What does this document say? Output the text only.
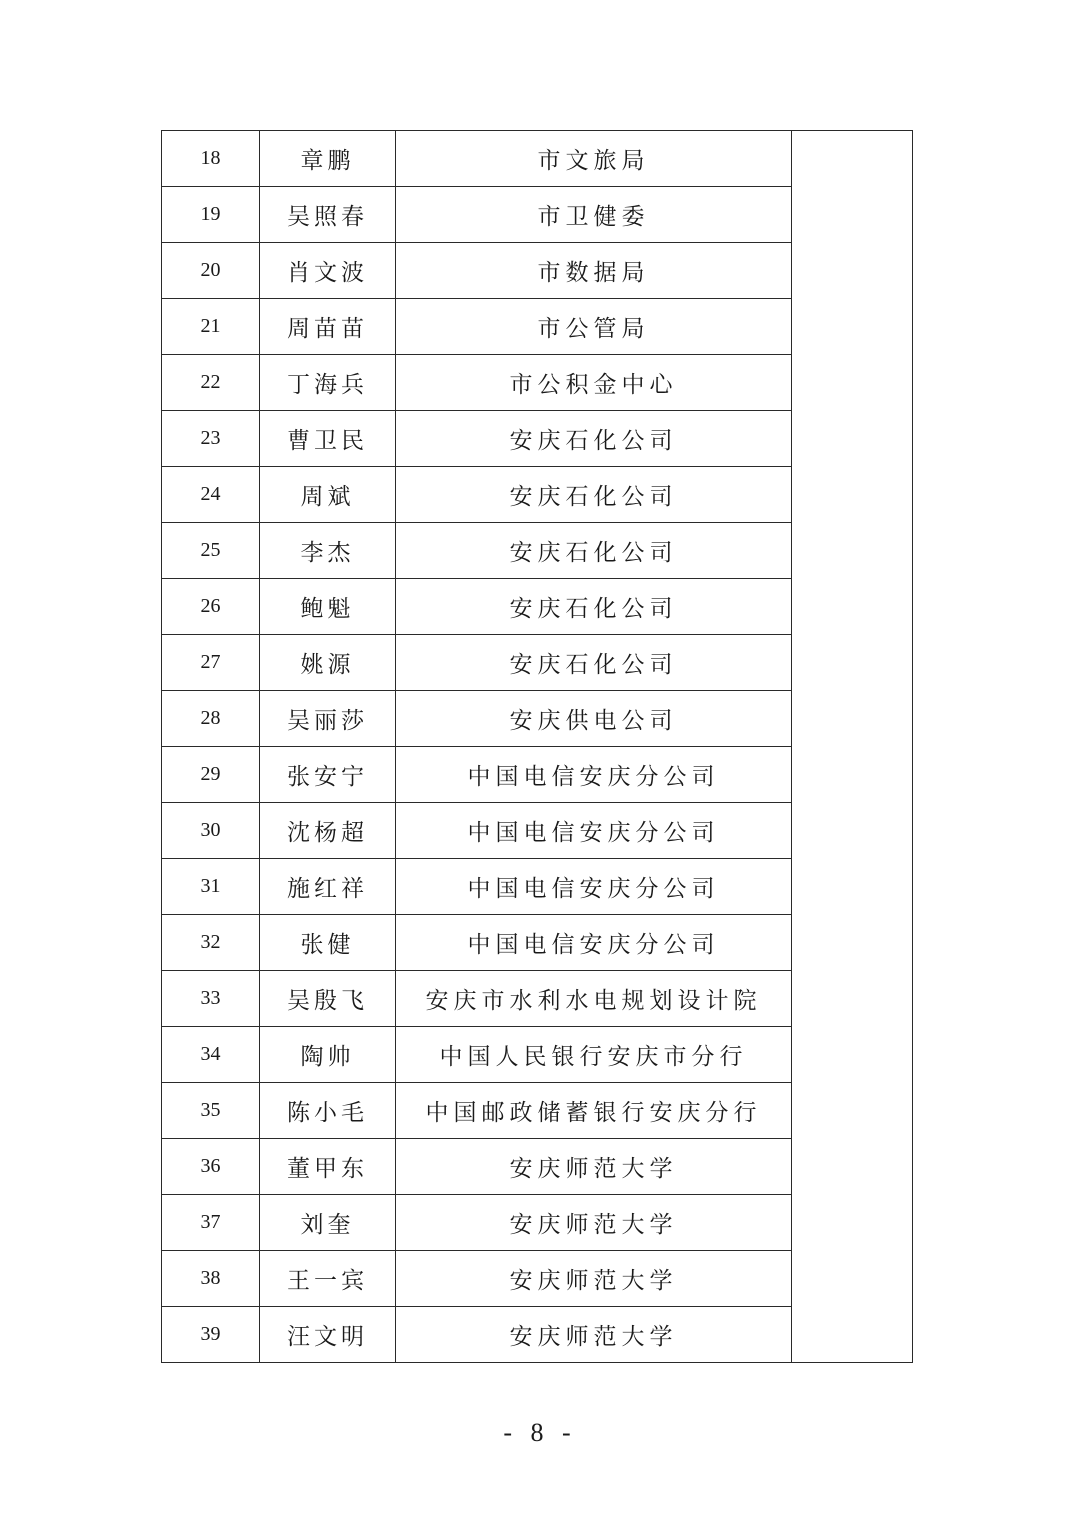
18	章鹏	市文旅局	
19	吴照春	市卫健委	
20	肖文波	市数据局	
21	周苗苗	市公管局	
22	丁海兵	市公积金中心	
23	曹卫民	安庆石化公司	
24	周斌	安庆石化公司	
25	李杰	安庆石化公司	
26	鲍魁	安庆石化公司	
27	姚源	安庆石化公司	
28	吴丽莎	安庆供电公司	
29	张安宁	中国电信安庆分公司	
30	沈杨超	中国电信安庆分公司	
31	施红祥	中国电信安庆分公司	
32	张健	中国电信安庆分公司	
33	吴殷飞	安庆市水利水电规划设计院	
34	陶帅	中国人民银行安庆市分行	
35	陈小毛	中国邮政储蓄银行安庆分行	
36	董甲东	安庆师范大学	
37	刘奎	安庆师范大学	
38	王一宾	安庆师范大学	
39	汪文明	安庆师范大学	
- 8 -
